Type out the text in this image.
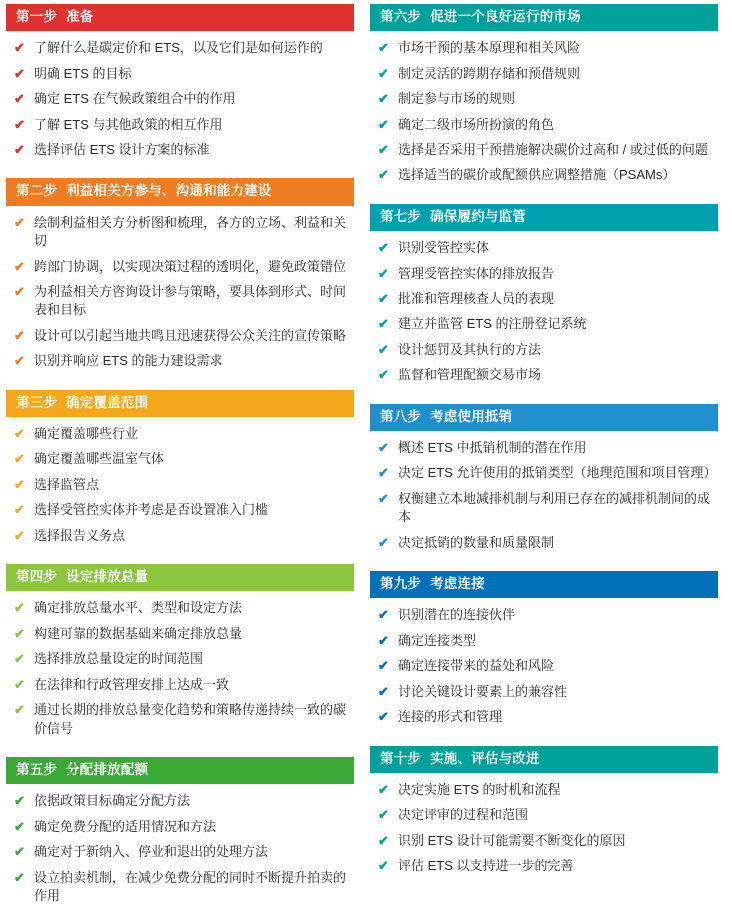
第一步 准备
✔ 了解什么是碳定价和 ETS，以及它们是如何运作的
✔ 明确 ETS 的目标
✔ 确定 ETS 在气候政策组合中的作用
✔ 了解 ETS 与其他政策的相互作用
✔ 选择评估 ETS 设计方案的标准
第二步 利益相关方参与、沟通和能力建设
✔ 绘制利益相关方分析图和梳理，各方的立场、利益和关切
✔ 跨部门协调，以实现决策过程的透明化，避免政策错位
✔ 为利益相关方咨询设计参与策略，要具体到形式、时间表和目标
✔ 设计可以引起当地共鸣且迅速获得公众关注的宣传策略
✔ 识别并响应 ETS 的能力建设需求
第三步 确定覆盖范围
✔ 确定覆盖哪些行业
✔ 确定覆盖哪些温室气体
✔ 选择监管点
✔ 选择受管控实体并考虑是否设置准入门槛
✔ 选择报告义务点
第四步 设定排放总量
✔ 确定排放总量水平、类型和设定方法
✔ 构建可靠的数据基础来确定排放总量
✔ 选择排放总量设定的时间范围
✔ 在法律和行政管理安排上达成一致
✔ 通过长期的排放总量变化趋势和策略传递持续一致的碳价信号
第五步 分配排放配额
✔ 依据政策目标确定分配方法
✔ 确定免费分配的适用情况和方法
✔ 确定对于新纳入、停业和退出的处理方法
✔ 设立拍卖机制，在减少免费分配的同时不断提升拍卖的作用
第六步 促进一个良好运行的市场
✔ 市场干预的基本原理和相关风险
✔ 制定灵活的跨期存储和预借规则
✔ 制定参与市场的规则
✔ 确定二级市场所扮演的角色
✔ 选择是否采用干预措施解决碳价过高和 / 或过低的问题
✔ 选择适当的碳价或配额供应调整措施（PSAMs）
第七步 确保履约与监管
✔ 识别受管控实体
✔ 管理受管控实体的排放报告
✔ 批准和管理核查人员的表现
✔ 建立并监管 ETS 的注册登记系统
✔ 设计惩罚及其执行的方法
✔ 监督和管理配额交易市场
第八步 考虑使用抵销
✔ 概述 ETS 中抵销机制的潜在作用
✔ 决定 ETS 允许使用的抵销类型（地理范围和项目管理）
✔ 权衡建立本地减排机制与利用已存在的减排机制间的成本
✔ 决定抵销的数量和质量限制
第九步 考虑连接
✔ 识别潜在的连接伙伴
✔ 确定连接类型
✔ 确定连接带来的益处和风险
✔ 讨论关键设计要素上的兼容性
✔ 连接的形式和管理
第十步 实施、评估与改进
✔ 决定实施 ETS 的时机和流程
✔ 决定评审的过程和范围
✔ 识别 ETS 设计可能需要不断变化的原因
✔ 评估 ETS 以支持进一步的完善
